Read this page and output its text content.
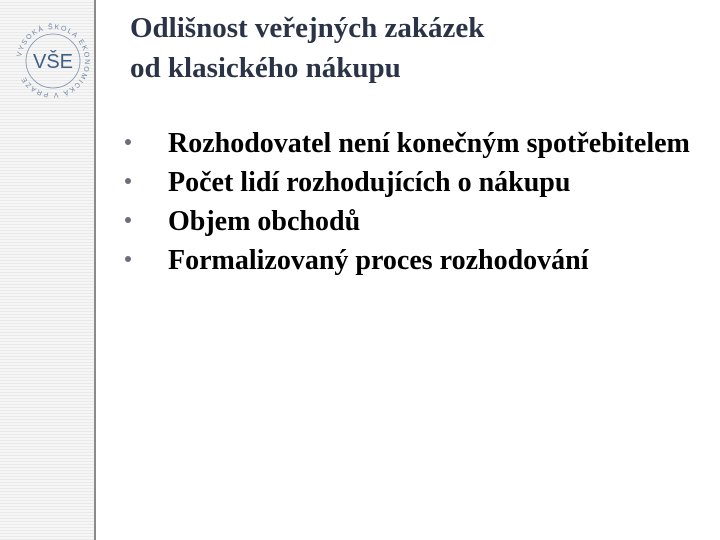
VYSOKÁ ŠKOLA EKONOMICKÁ V PRAZE
VŠE
Odlišnost veřejných zakázek
od klasického nákupu
Rozhodovatel není konečným spotřebitelem
Počet lidí rozhodujících o nákupu
Objem obchodů
Formalizovaný proces rozhodování
